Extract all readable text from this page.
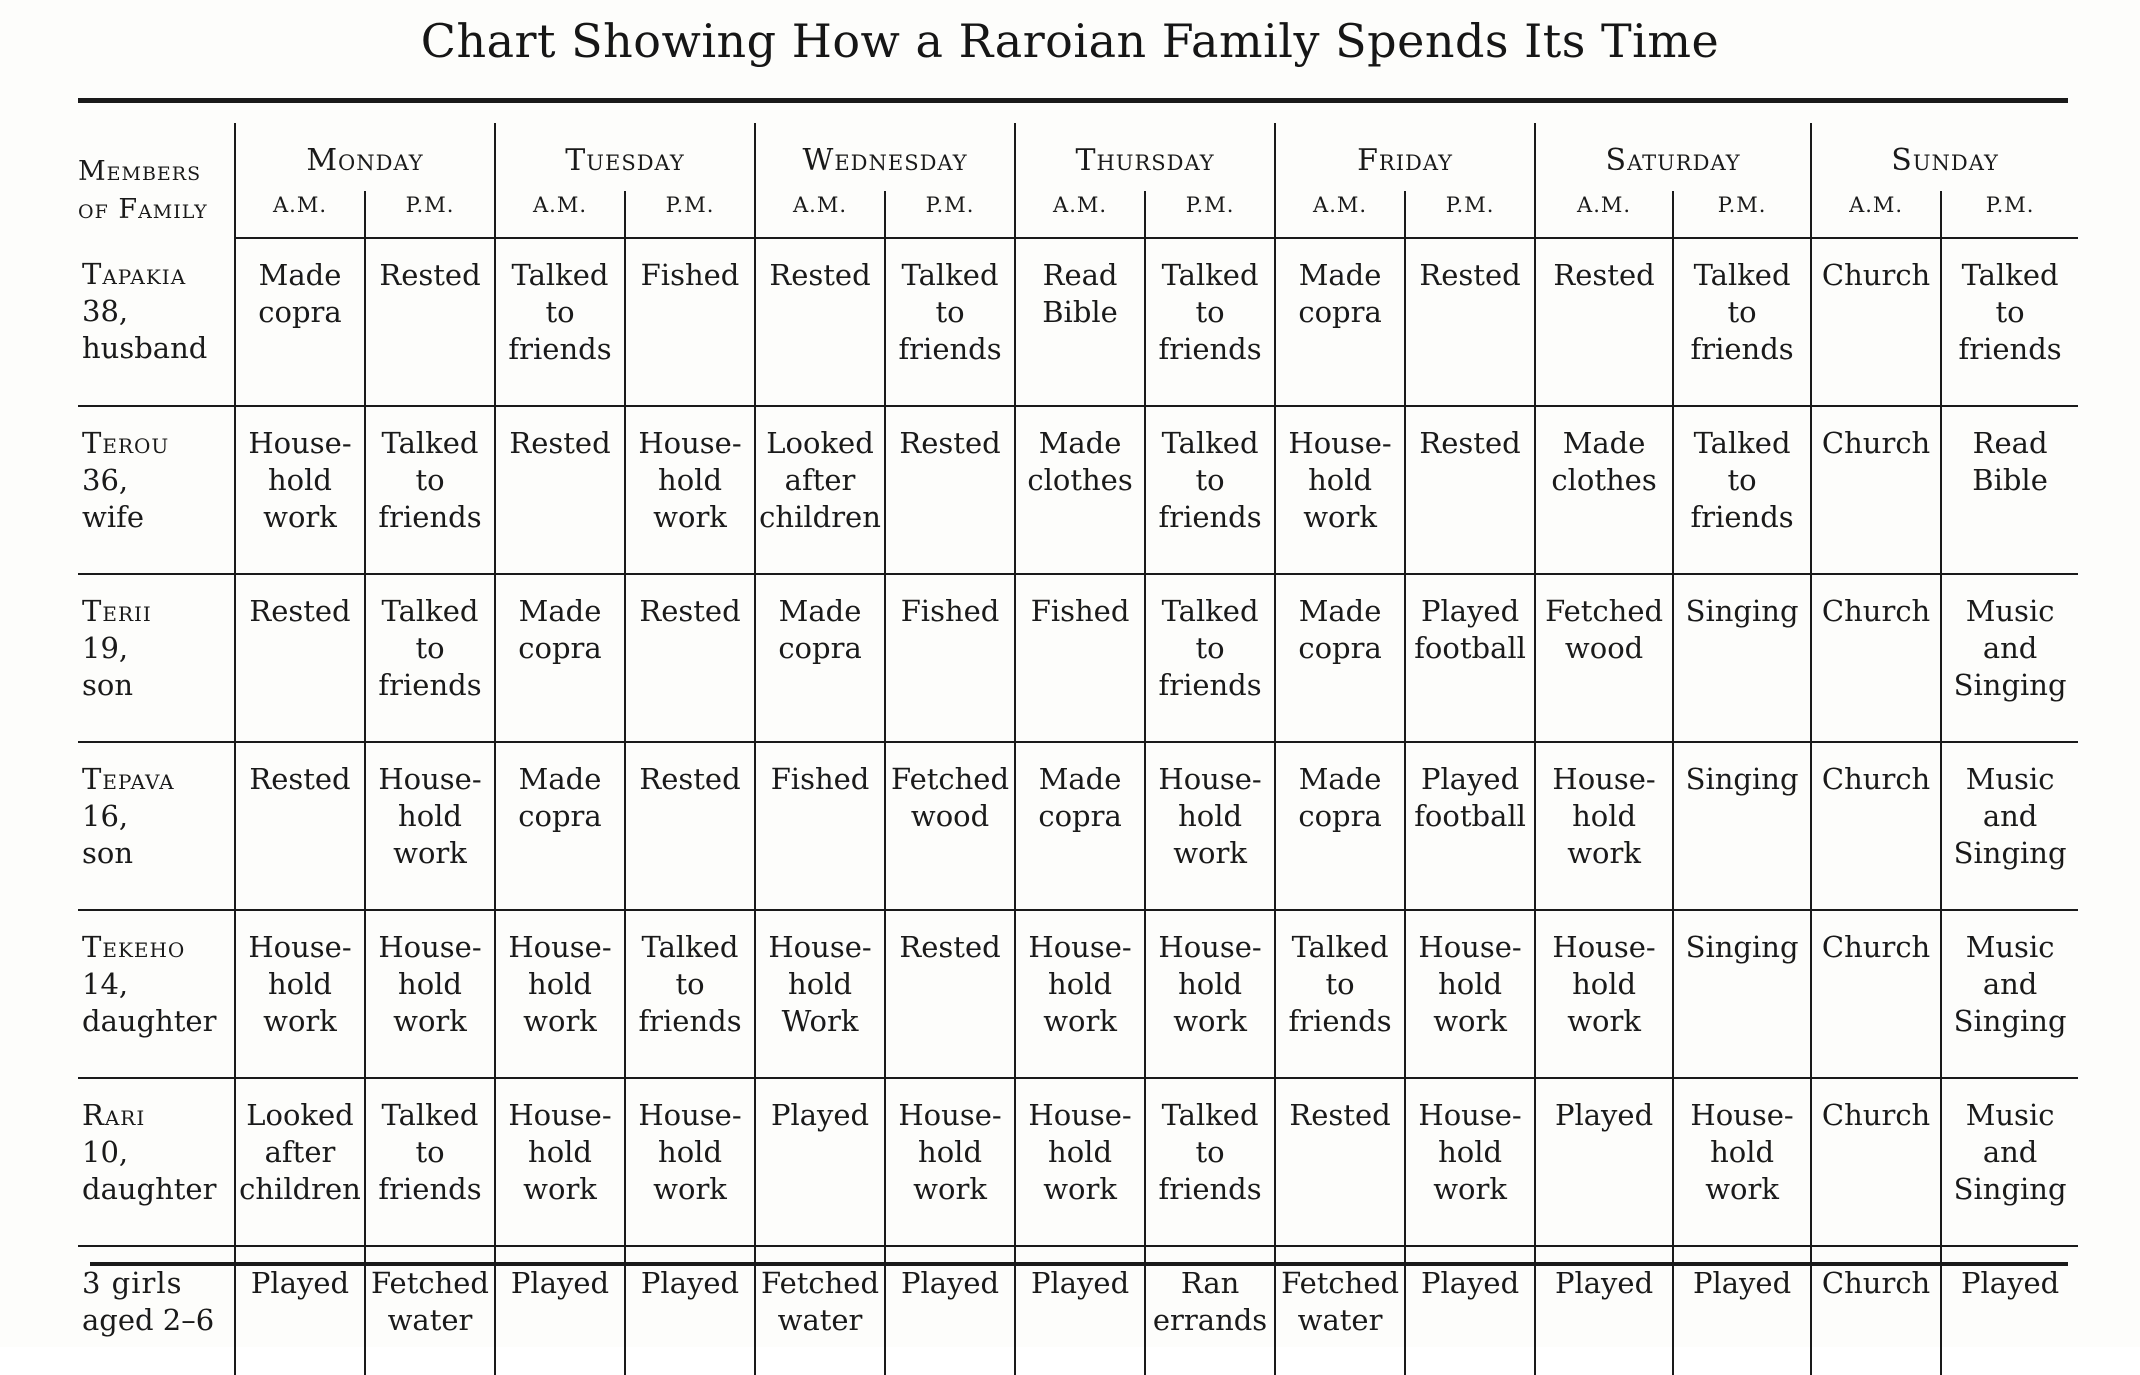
Chart Showing How a Raroian Family Spends Its Time
Members
of Family	Monday		Tuesday		Wednesday		Thursday		Friday		Saturday		Sunday	
	A.M.	P.M.	A.M.	P.M.	A.M.	P.M.	A.M.	P.M.	A.M.	P.M.	A.M.	P.M.	A.M.	P.M.

Tapakia
38,
husband	Made
copra	Rested	Talked
to
friends	Fished	Rested	Talked
to
friends	Read
Bible	Talked
to
friends	Made
copra	Rested	Rested	Talked
to
friends	Church	Talked
to
friends

Terou
36,
wife	House-
hold
work	Talked
to
friends	Rested	House-
hold
work	Looked
after
children	Rested	Made
clothes	Talked
to
friends	House-
hold
work	Rested	Made
clothes	Talked
to
friends	Church	Read
Bible

Terii
19,
son	Rested	Talked
to
friends	Made
copra	Rested	Made
copra	Fished	Fished	Talked
to
friends	Made
copra	Played
football	Fetched
wood	Singing	Church	Music
and
Singing

Tepava
16,
son	Rested	House-
hold
work	Made
copra	Rested	Fished	Fetched
wood	Made
copra	House-
hold
work	Made
copra	Played
football	House-
hold
work	Singing	Church	Music
and
Singing

Tekeho
14,
daughter	House-
hold
work	House-
hold
work	House-
hold
work	Talked
to
friends	House-
hold
Work	Rested	House-
hold
work	House-
hold
work	Talked
to
friends	House-
hold
work	House-
hold
work	Singing	Church	Music
and
Singing

Rari
10,
daughter	Looked
after
children	Talked
to
friends	House-
hold
work	House-
hold
work	Played	House-
hold
work	House-
hold
work	Talked
to
friends	Rested	House-
hold
work	Played	House-
hold
work	Church	Music
and
Singing

3 girls
aged 2–6	Played	Fetched
water	Played	Played	Fetched
water	Played	Played	Ran
errands	Fetched
water	Played	Played	Played	Church	Played
